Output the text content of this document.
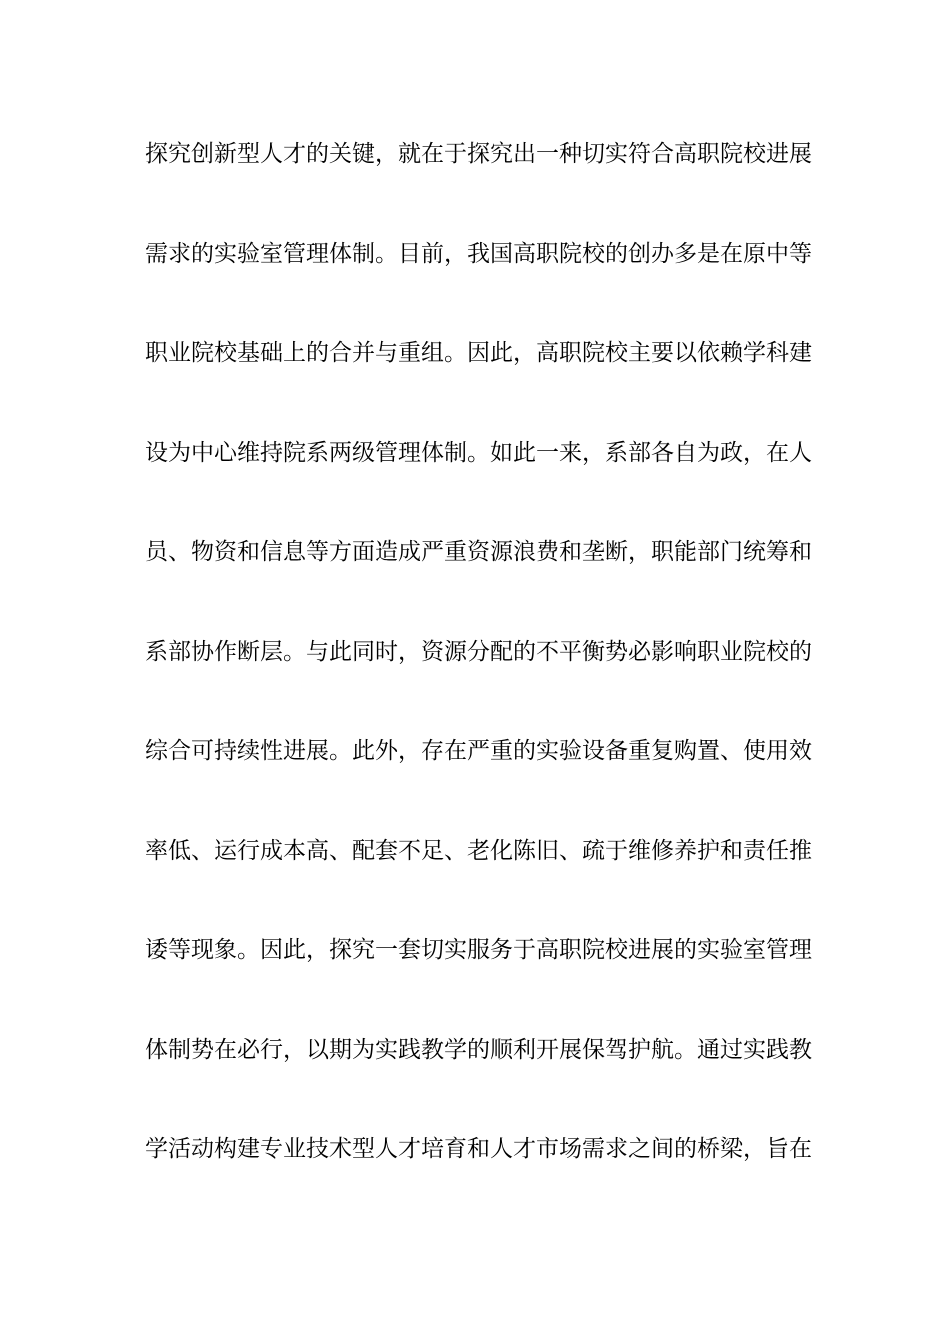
探究创新型人才的关键，就在于探究出一种切实符合高职院校进展
需求的实验室管理体制。目前，我国高职院校的创办多是在原中等
职业院校基础上的合并与重组。因此，高职院校主要以依赖学科建
设为中心维持院系两级管理体制。如此一来，系部各自为政，在人
员、物资和信息等方面造成严重资源浪费和垄断，职能部门统筹和
系部协作断层。与此同时，资源分配的不平衡势必影响职业院校的
综合可持续性进展。此外，存在严重的实验设备重复购置、使用效
率低、运行成本高、配套不足、老化陈旧、疏于维修养护和责任推
诿等现象。因此，探究一套切实服务于高职院校进展的实验室管理
体制势在必行，以期为实践教学的顺利开展保驾护航。通过实践教
学活动构建专业技术型人才培育和人才市场需求之间的桥梁，旨在
